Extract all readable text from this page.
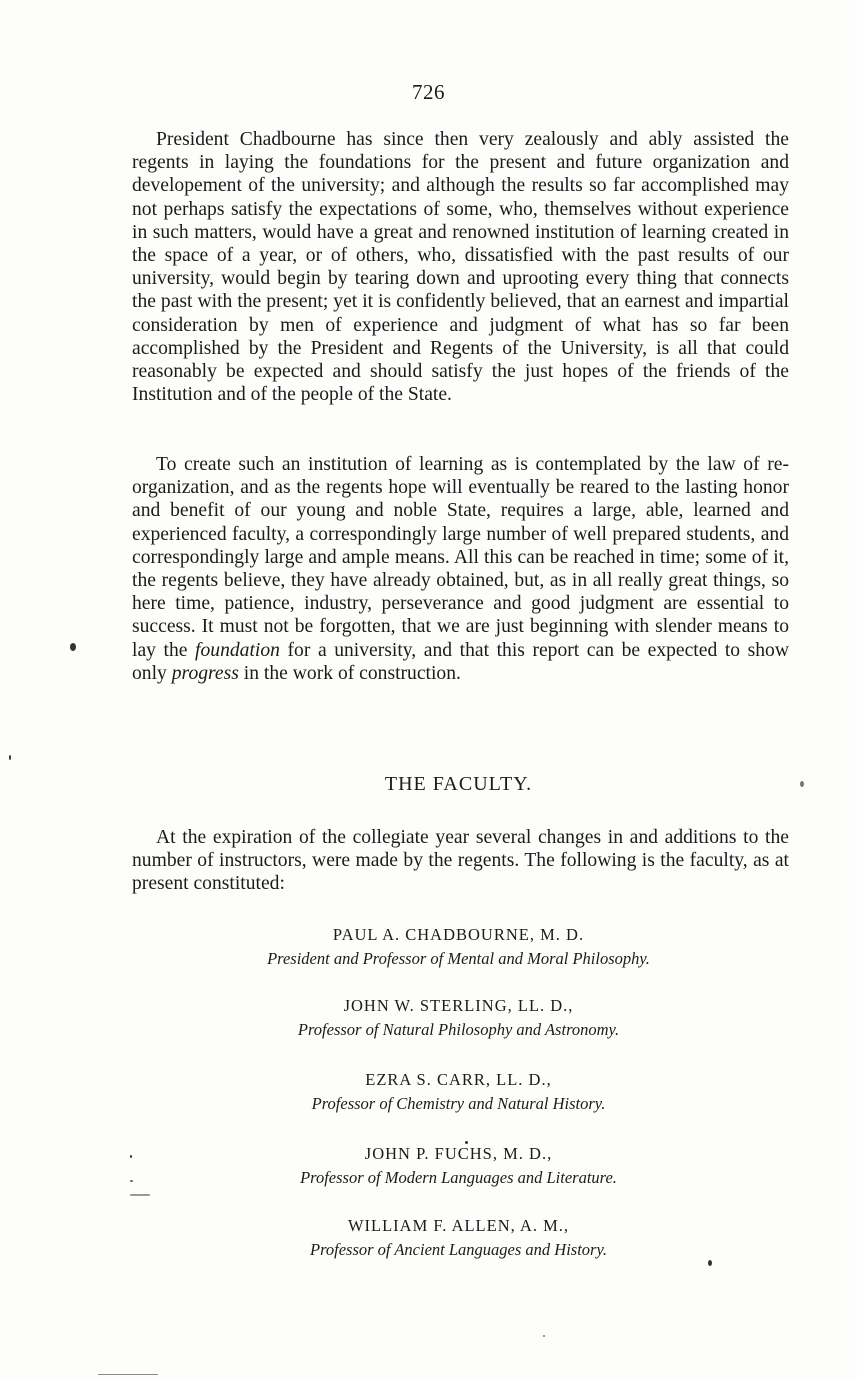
726

President Chadbourne has since then very zealously and ably assisted the regents in laying the foundations for the present and future organization and developement of the university; and although the results so far accomplished may not perhaps satisfy the expectations of some, who, themselves without experience in such matters, would have a great and renowned institution of learning created in the space of a year, or of others, who, dissatisfied with the past results of our university, would begin by tearing down and uprooting every thing that connects the past with the present; yet it is confidently believed, that an earnest and impartial consideration by men of experience and judgment of what has so far been accomplished by the President and Regents of the University, is all that could reasonably be expected and should satisfy the just hopes of the friends of the Institution and of the people of the State.

To create such an institution of learning as is contemplated by the law of re-organization, and as the regents hope will eventually be reared to the lasting honor and benefit of our young and noble State, requires a large, able, learned and experienced faculty, a correspondingly large number of well prepared students, and correspondingly large and ample means. All this can be reached in time; some of it, the regents believe, they have already obtained, but, as in all really great things, so here time, patience, industry, perseverance and good judgment are essential to success. It must not be forgotten, that we are just beginning with slender means to lay the foundation for a university, and that this report can be expected to show only progress in the work of construction.

THE FACULTY.

At the expiration of the collegiate year several changes in and additions to the number of instructors, were made by the regents. The following is the faculty, as at present constituted:

PAUL A. CHADBOURNE, M. D.
President and Professor of Mental and Moral Philosophy.
JOHN W. STERLING, LL. D.,
Professor of Natural Philosophy and Astronomy.
EZRA S. CARR, LL. D.,
Professor of Chemistry and Natural History.
JOHN P. FUCHS, M. D.,
Professor of Modern Languages and Literature.
WILLIAM F. ALLEN, A. M.,
Professor of Ancient Languages and History.
